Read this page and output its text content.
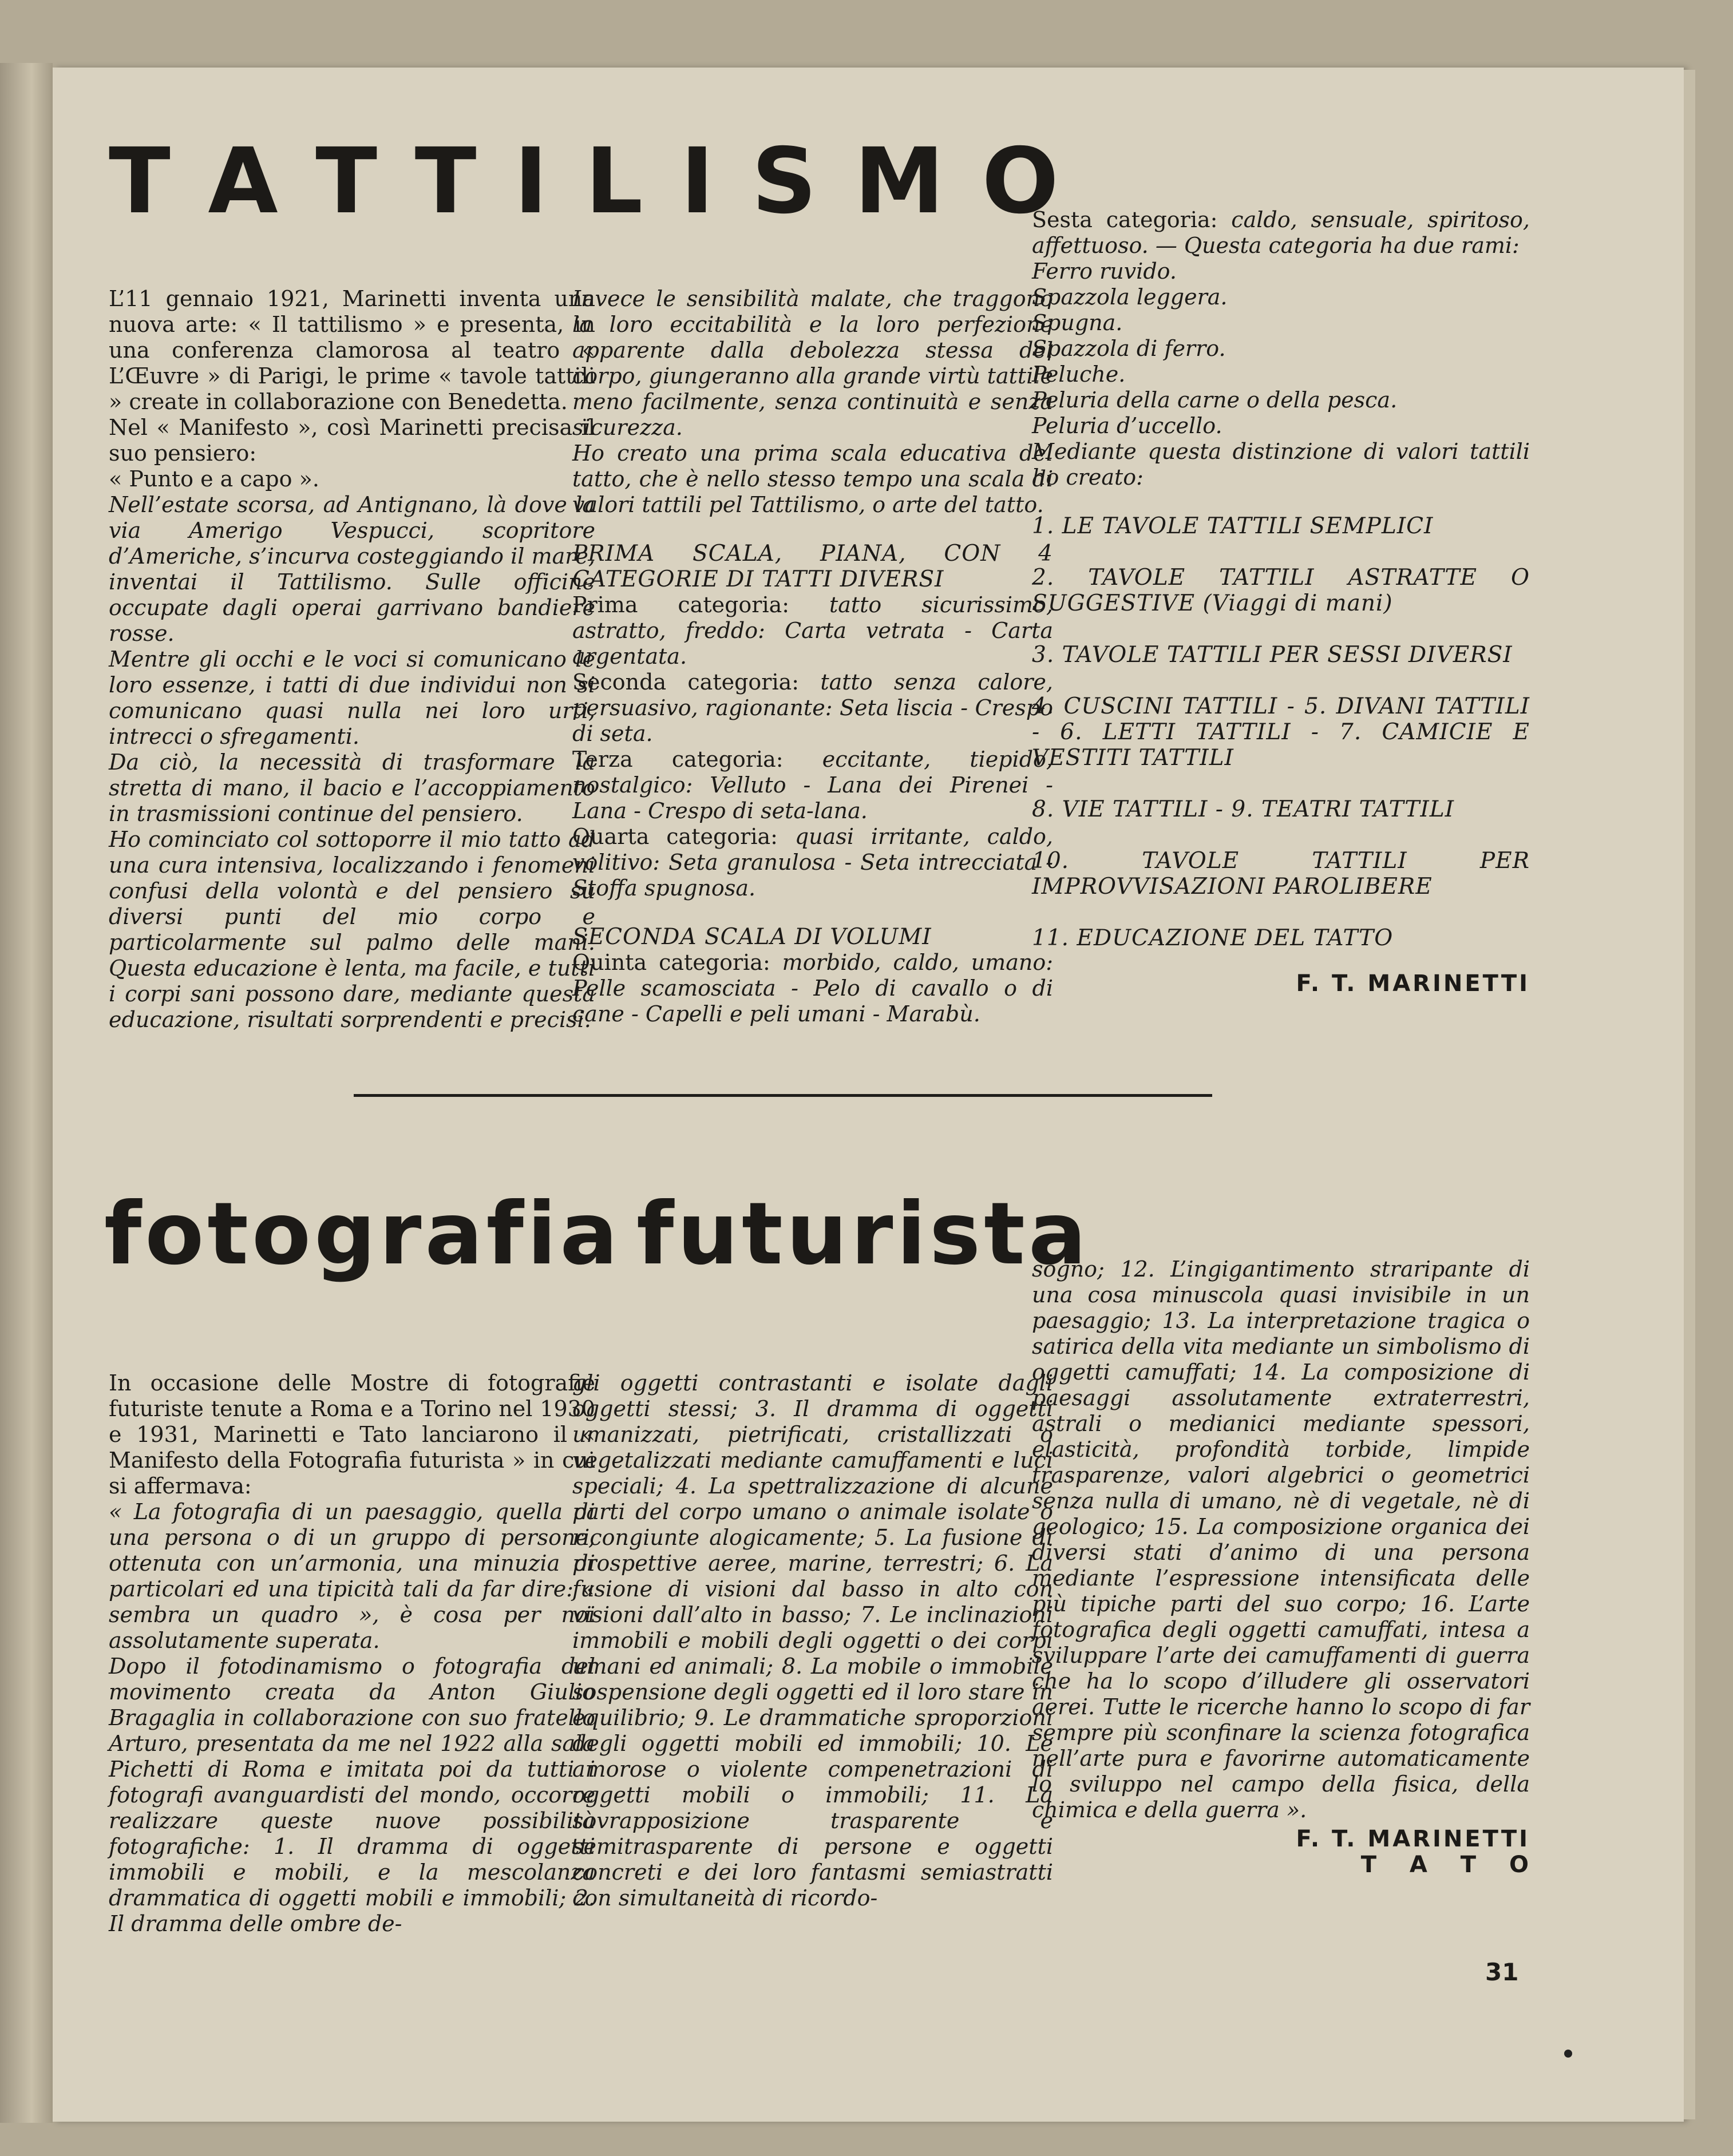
T A T T I L I S M O

L’11 gennaio 1921, Marinetti inventa una nuova arte: « Il tattilismo » e presenta, in una conferenza clamorosa al teatro « L’Œuvre » di Parigi, le prime « tavole tattili » create in collaborazione con Benedetta.

Nel « Manifesto », così Marinetti precisa il suo pensiero:

« Punto e a capo ».

Nell’estate scorsa, ad Antignano, là dove la via Amerigo Vespucci, scopritore d’Americhe, s’incurva costeggiando il mare, inventai il Tattilismo. Sulle officine occupate dagli operai garrivano bandiere rosse.

Mentre gli occhi e le voci si comunicano le loro essenze, i tatti di due individui non si comunicano quasi nulla nei loro urti, intrecci o sfregamenti.

Da ciò, la necessità di trasformare la stretta di mano, il bacio e l’accoppiamento in trasmissioni continue del pensiero.

Ho cominciato col sottoporre il mio tatto ad una cura intensiva, localizzando i fenomeni confusi della volontà e del pensiero su diversi punti del mio corpo e particolarmente sul palmo delle mani. Questa educazione è lenta, ma facile, e tutti i corpi sani possono dare, mediante questa educazione, risultati sorprendenti e precisi.

Invece le sensibilità malate, che traggono la loro eccitabilità e la loro perfezione apparente dalla debolezza stessa del corpo, giungeranno alla grande virtù tattile meno facilmente, senza continuità e senza sicurezza.

Ho creato una prima scala educativa del tatto, che è nello stesso tempo una scala di valori tattili pel Tattilismo, o arte del tatto.

PRIMA SCALA, PIANA, CON 4 CATEGORIE DI TATTI DIVERSI

Prima categoria: tatto sicurissimo, astratto, freddo: Carta vetrata - Carta argentata.

Seconda categoria: tatto senza calore, persuasivo, ragionante: Seta liscia - Crespo di seta.

Terza categoria: eccitante, tiepido, nostalgico: Velluto - Lana dei Pirenei - Lana - Crespo di seta-lana.

Quarta categoria: quasi irritante, caldo, volitivo: Seta granulosa - Seta intrecciata - Stoffa spugnosa.

SECONDA SCALA DI VOLUMI

Quinta categoria: morbido, caldo, umano: Pelle scamosciata - Pelo di cavallo o di cane - Capelli e peli umani - Marabù.

Sesta categoria: caldo, sensuale, spiritoso, affettuoso. — Questa categoria ha due rami:

Ferro ruvido.

Spazzola leggera.

Spugna.

Spazzola di ferro.

Peluche.

Peluria della carne o della pesca.

Peluria d’uccello.

Mediante questa distinzione di valori tattili ho creato:

1. LE TAVOLE TATTILI SEMPLICI
2. TAVOLE TATTILI ASTRATTE O SUGGESTIVE (Viaggi di mani)
3. TAVOLE TATTILI PER SESSI DIVERSI
4. CUSCINI TATTILI - 5. DIVANI TATTILI - 6. LETTI TATTILI - 7. CAMICIE E VESTITI TATTILI
8. VIE TATTILI - 9. TEATRI TATTILI
10. TAVOLE TATTILI PER IMPROVVISAZIONI PAROLIBERE
11. EDUCAZIONE DEL TATTO
F. T. MARINETTI
fotografia futurista

In occasione delle Mostre di fotografie futuriste tenute a Roma e a Torino nel 1930 e 1931, Marinetti e Tato lanciarono il « Manifesto della Fotografia futurista » in cui si affermava:

« La fotografia di un paesaggio, quella di una persona o di un gruppo di persone, ottenuta con un’armonia, una minuzia di particolari ed una tipicità tali da far dire: « sembra un quadro », è cosa per noi assolutamente superata.

Dopo il fotodinamismo o fotografia del movimento creata da Anton Giulio Bragaglia in collaborazione con suo fratello Arturo, presentata da me nel 1922 alla sala Pichetti di Roma e imitata poi da tutti i fotografi avanguardisti del mondo, occorre realizzare queste nuove possibilità fotografiche: 1. Il dramma di oggetti immobili e mobili, e la mescolanza drammatica di oggetti mobili e immobili; 2. Il dramma delle ombre de-

gli oggetti contrastanti e isolate dagli oggetti stessi; 3. Il dramma di oggetti umanizzati, pietrificati, cristallizzati o vegetalizzati mediante camuffamenti e luci speciali; 4. La spettralizzazione di alcune parti del corpo umano o animale isolate o ricongiunte alogicamente; 5. La fusione di prospettive aeree, marine, terrestri; 6. La fusione di visioni dal basso in alto con visioni dall’alto in basso; 7. Le inclinazioni immobili e mobili degli oggetti o dei corpi umani ed animali; 8. La mobile o immobile sospensione degli oggetti ed il loro stare in equilibrio; 9. Le drammatiche sproporzioni degli oggetti mobili ed immobili; 10. Le amorose o violente compenetrazioni di oggetti mobili o immobili; 11. La sovrapposizione trasparente e semitrasparente di persone e oggetti concreti e dei loro fantasmi semiastratti con simultaneità di ricordo-

sogno; 12. L’ingigantimento straripante di una cosa minuscola quasi invisibile in un paesaggio; 13. La interpretazione tragica o satirica della vita mediante un simbolismo di oggetti camuffati; 14. La composizione di paesaggi assolutamente extraterrestri, astrali o medianici mediante spessori, elasticità, profondità torbide, limpide trasparenze, valori algebrici o geometrici senza nulla di umano, nè di vegetale, nè di geologico; 15. La composizione organica dei diversi stati d’animo di una persona mediante l’espressione intensificata delle più tipiche parti del suo corpo; 16. L’arte fotografica degli oggetti camuffati, intesa a sviluppare l’arte dei camuffamenti di guerra che ha lo scopo d’illudere gli osservatori aerei. Tutte le ricerche hanno lo scopo di far sempre più sconfinare la scienza fotografica nell’arte pura e favorirne automaticamente lo sviluppo nel campo della fisica, della chimica e della guerra ».

F. T. MARINETTI
T A T O
31
